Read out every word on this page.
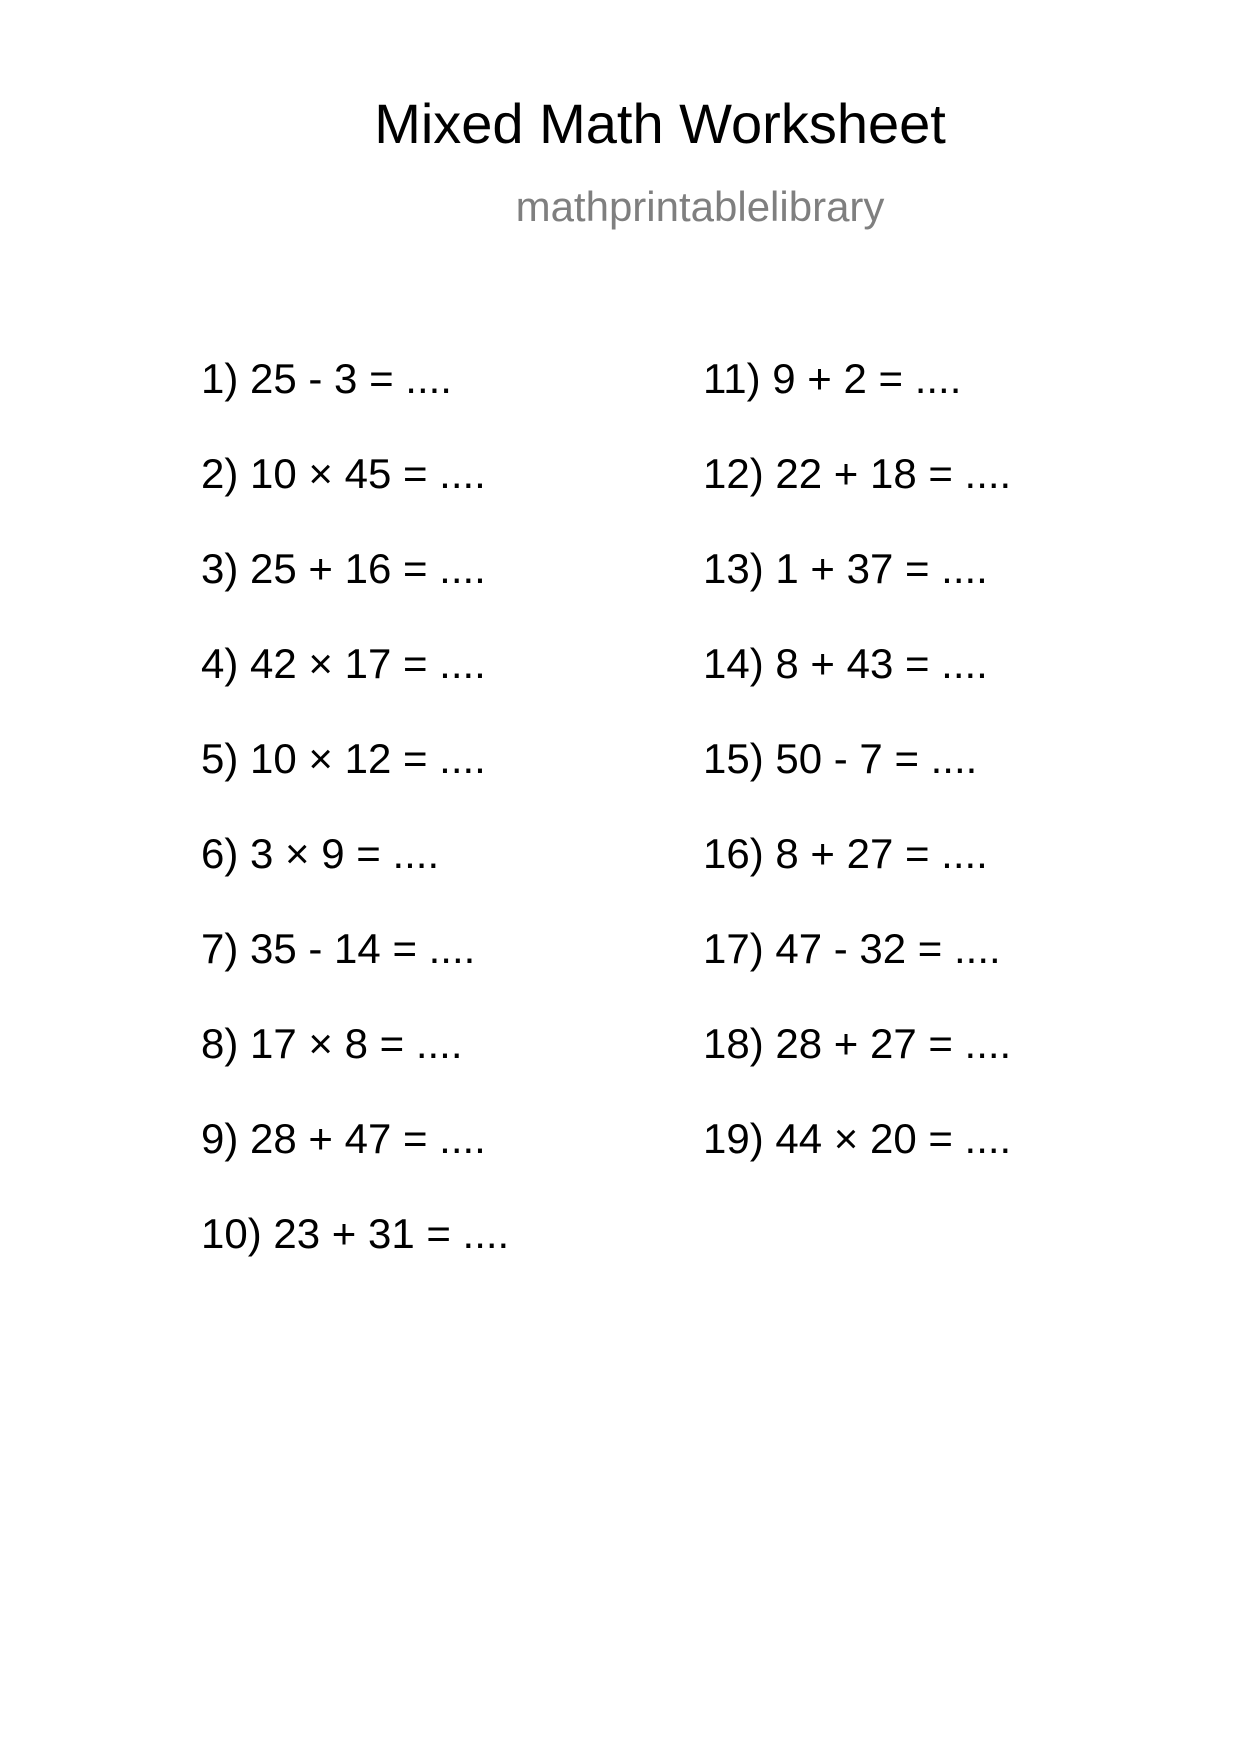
Mixed Math Worksheet
mathprintablelibrary
1) 25 - 3 = ....
2) 10 × 45 = ....
3) 25 + 16 = ....
4) 42 × 17 = ....
5) 10 × 12 = ....
6) 3 × 9 = ....
7) 35 - 14 = ....
8) 17 × 8 = ....
9) 28 + 47 = ....
10) 23 + 31 = ....
11) 9 + 2 = ....
12) 22 + 18 = ....
13) 1 + 37 = ....
14) 8 + 43 = ....
15) 50 - 7 = ....
16) 8 + 27 = ....
17) 47 - 32 = ....
18) 28 + 27 = ....
19) 44 × 20 = ....
